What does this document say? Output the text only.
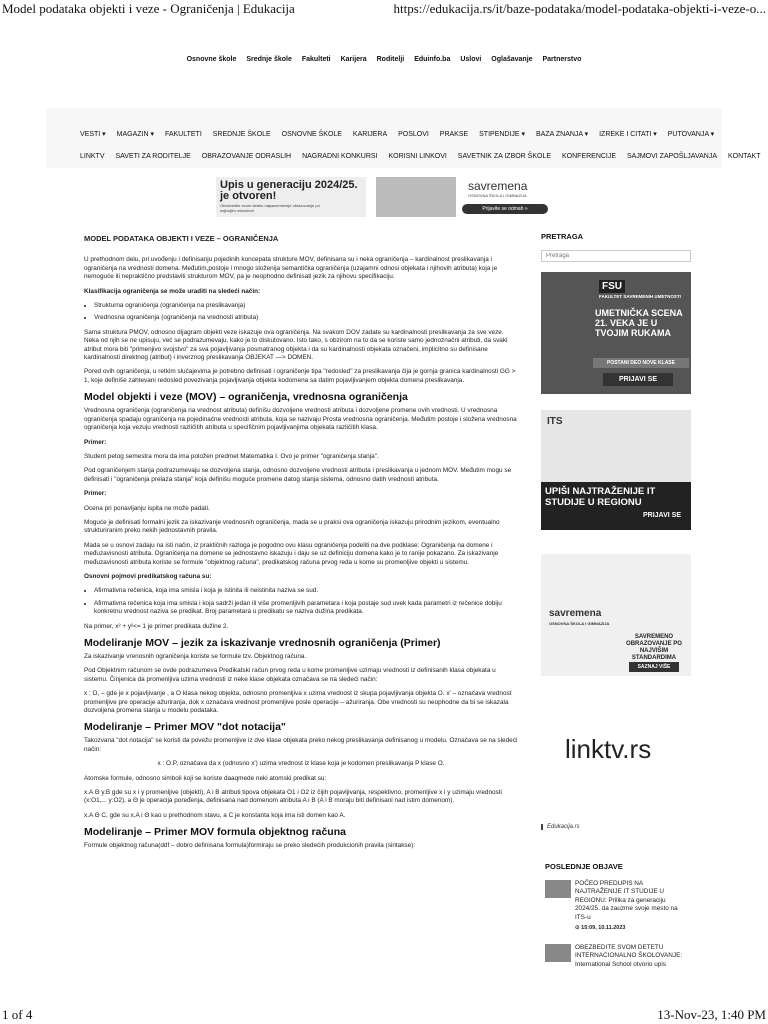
Model podataka objekti i veze - Ograničenja | Edukacija	https://edukacija.rs/it/baze-podataka/model-podataka-objekti-i-veze-o...
Osnovne škole Srednje škole Fakulteti Karijera Roditelji Eduinfo.ba Uslovi Oglašavanje Partnerstvo
VESTI ▾ MAGAZIN ▾ FAKULTETI SREDNJE ŠKOLE OSNOVNE ŠKOLE KARIJERA POSLOVI PRAKSE STIPENDIJE ▾ BAZA ZNANJA ▾ IZREKE I CITATI ▾ PUTOVANJA ▾
LINKTV SAVETI ZA RODITELJE OBRAZOVANJE ODRASLIH NAGRADNI KONKURSI KORISNI LINKOVI SAVETNIK ZA IZBOR ŠKOLE KONFERENCIJE SAJMOVI ZAPOŠLJAVANJA KONTAKT
Upis u generaciju 2024/25. je otvoren!
Obezbedite svom detetu najsavremenije obrazovanje po najboljim uslovima!
savremena
OSNOVNA ŠKOLA I GIMNAZIJA
Prijavite se odmah »
MODEL PODATAKA OBJEKTI I VEZE – OGRANIČENJA

U prethodnom delu, pri uvođenju i definisanju pojedinih koncepata strukture MOV, definisana su i neka ograničenja – kardinalnost preslikavanja i ograničenja na vrednosti domena. Međutim,postoje i mnogo složenija semantička ograničenja (uzajamni odnosi objekata i njihovih atributa) koja je nemoguće ili nepraktično predstaviti strukturom MOV, pa je neophodno definisati jezik za njihovu specifikaciju.

Klasifikacija ograničenja se može uraditi na sledeći način:

• Strukturna ograničenja (ograničenja na preslikavanja)
• Vrednosna ograničenja (ograničenja na vrednosti atributa)

Sama struktura PMOV, odnosno dijagram objekti veze iskazuje ova ograničenja. Na svakom DOV zadate su kardinalnosti preslikavanja za sve veze. Neka od njih se ne upisuju, već se podrazumevaju, kako je to diskutovano. Isto tako, s obzirom na to da se koriste samo jednoznačni atributi, da svaki atribut mora biti "primenjivo svojstvo" za sva pojavljivanja posmatranog objekta i da su kardinalnosti objekata označeni, implicitno su definisane kardinalnosti direktnog (atribut) i inverznog preslikavanja OBJEKAT —> DOMEN.

Pored ovih ograničenja, u retkim slučajevima je potrebno definisati i ograničenje tipa "redosled" za preslikavanja čija je gornja granica kardinalnosti GG > 1, koje definiše zahtevani redosled povezivanja pojavljivanja objekta kodomena sa datim pojavljivanjem objekta domena preslikavanja.

Model objekti i veze (MOV) – ograničenja, vrednosna ograničenja

Vrednosna ograničenja (ograničenja na vrednost atributa) definišu dozvoljene vrednosti atributa i dozvoljene promene ovih vrednosti. U vrednosna ograničenja spadaju ograničenja na pojedinačne vrednosti atributa, koja se nazivaju Prosta vrednosna ograničenja. Međutim postoje i složena vrednosna ograničenja koja vezuju vrednosti različitih atributa u specifičnim pojavljivanjima objekata različitih klasa.

Primer:

Student petog semestra mora da ima položen predmet Matematika I. Ovo je primer "ograničenja stanja".

Pod ograničenjem stanja podrazumevaju se dozvoljena stanja, odnosno dozvoljene vrednosti atributa i preslikavanja u jednom MOV. Međutim mogu se definisati i "ograničenja prelaza stanja" koja definišu moguće promene datog stanja sistema, odnosno datih vrednosti atributa.

Primer:

Ocena pri ponavljanju ispita ne može padati.

Moguće je definisati formalni jezik za iskazivanje vrednosnih ograničenja, mada se u praksi ova ograničenja iskazuju prirodnim jezikom, eventualno strukturiranim preko nekih jednostavnih pravila.

Mada se u osnovi zadaju na isti način, iz praktičnih razloga je pogodno ovu klasu ograničenja podeliti na dve podklase: Ograničenja na domene i međuzavisnosti atributa. Ograničenja na domene se jednostavno iskazuju i daju se uz definiciju domena kako je to ranije pokazano. Za iskazivanje međuzavisnosti atributa koriste se formule "objektnog računa", predikatskog računa prvog reda u kome su promenljive objekti u sistemu.

Osnovni pojmovi predikatskog računa su:

• Afirmativna rečenica, koja ima smisla i koja je istinita ili neistinita naziva se sud.
• Afirmativna rečenica koja ima smisla i koja sadrži jedan ili više promenljivih parametara i koja postaje sud uvek kada parametri iz rečenice dobiju konkretnu vrednost naziva se predikat. Broj parametara u predikatu se naziva dužina predikata.

Na primer, x² + y²<= 1 je primer predikata dužine 2.

Modeliranje MOV – jezik za iskazivanje vrednosnih ograničenja (Primer)

Za iskazivanje vrenosnih ograničenja koriste se formule tzv. Objektnog računa.

Pod Objektnim računom se ovde podrazumeva Predikatski račun prvog reda u kome promenljive uzimaju vrednosti iz definisanih klasa objekata u sistemu. Činjenica da promenljiva uzima vrednosti iz neke klase objekata označava se na sledeći način:

x : O, – gde je x pojavljivanje , a O klasa nekog objekta, odnosno promenljiva x uzima vrednost iz skupa pojavljivanja objekta O. x' – označava vrednost promenljive pre operacije ažuriranja, dok x označava vrednost promenljive posle operacije – ažuriranja. Obe vrednosti su neophodne da bi se iskazala dozvoljena promena stanja u modelu podataka.

Modeliranje – Primer MOV "dot notacija"

Takozvana "dot notacija" se koristi da povežu promenljive iz dve klase objekata preko nekog preslikavanja definisanog u modelu. Označava se na sledeći način:

x : O.P, označava da x (odnosno x') uzima vrednost iz klase koja je kodomen preslikavanja P klase O.

Atomske formule, odnosno simboli koji se koriste daaqmede neki atomski predikat su:

x.A Θ y.B gde su x i y promenljive (objekti), A i B atributi tipova objekata O1 i O2 iz čijih pojavljivanja, respektivno, promenljive x i y uzimaju vrednosti (x:O1,... y:O2), a Θ je operacija poređenja, definisana nad domenom atributa A i B (A i B moraju biti definisani nad istim domenom).

x.A Θ C, gde su x,A i Θ kao u prethodnom stavu, a C je konstanta koja ima isti domen kao A.

Modeliranje – Primer MOV formula objektnog računa

Formule objektnog računa(ddf – dobro definisana formula)formiraju se preko sledećih produkcionih pravila (sintakse):

PRETRAGA
Pretraga
FSU
FAKULTET SAVREMENIH UMETNOSTI
UMETNIČKA SCENA 21. VEKA JE U TVOJIM RUKAMA
POSTANI DEO NOVE KLASE
PRIJAVI SE
ITS
UPIŠI NAJTRAŽENIJE IT STUDIJE U REGIONU
PRIJAVI SE
savremena
OSNOVNA ŠKOLA I GIMNAZIJA
SAVREMENO OBRAZOVANJE PO NAJVIŠIM STANDARDIMA
SAZNAJ VIŠE
linktv.rs
Edukacija.rs
POSLEDNJE OBJAVE
POČEO PREDUPIS NA NAJTRAŽENIJE IT STUDIJE U REGIONU: Prilika za generaciju 2024/25. da zauzme svoje mesto na ITS-u
⊙ 15:09, 10.11.2023
OBEZBEDITE SVOM DETETU INTERNACIONALNO ŠKOLOVANJE: International School otvorio upis
1 of 4	13-Nov-23, 1:40 PM
